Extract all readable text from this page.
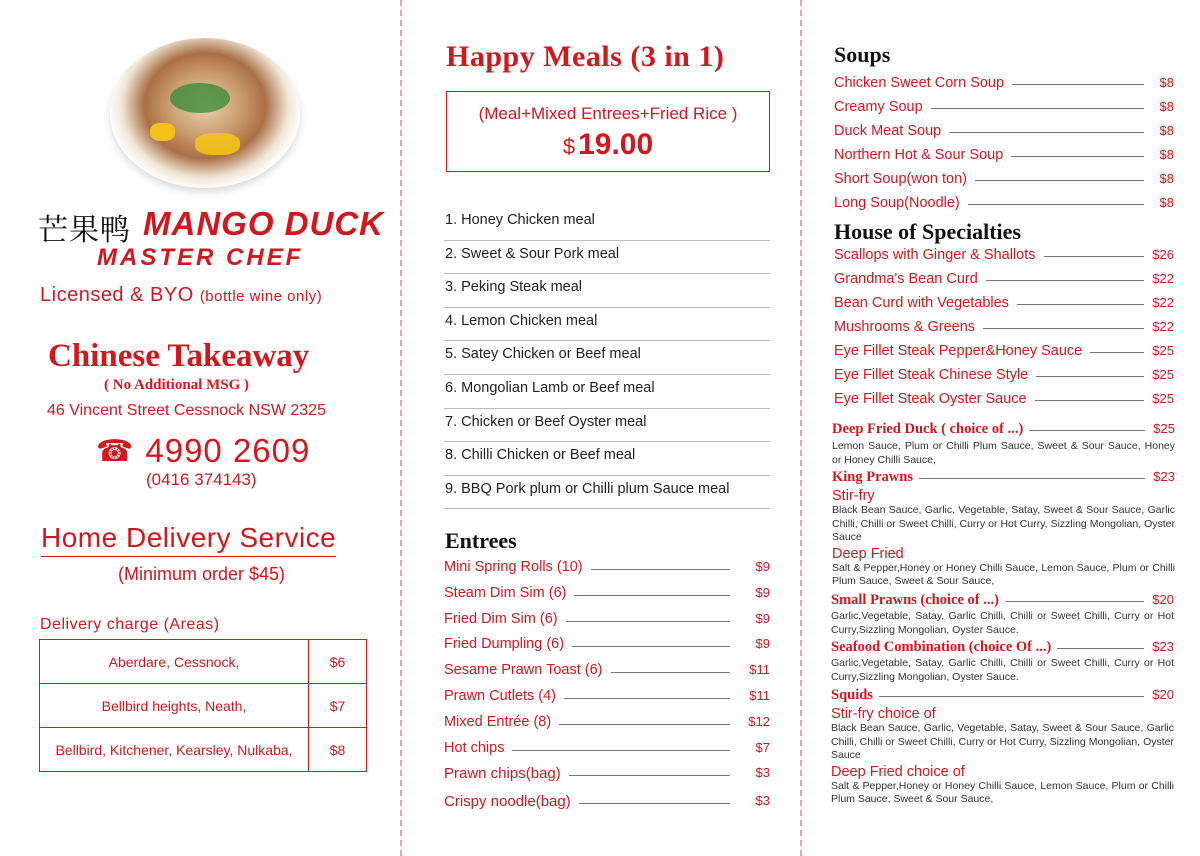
芒果鸭 MANGO DUCK
MASTER CHEF
Licensed & BYO (bottle wine only)
Chinese Takeaway
( No Additional MSG )
46 Vincent Street Cessnock NSW 2325
☎ 4990 2609
(0416 374143)
Home Delivery Service
(Minimum order $45)
Delivery charge (Areas)
Aberdare, Cessnock,	$6
Bellbird heights, Neath,	$7
Bellbird, Kitchener, Kearsley, Nulkaba,	$8
Happy Meals (3 in 1)
(Meal+Mixed Entrees+Fried Rice )
$ 19.00
1. Honey Chicken meal
2. Sweet & Sour Pork meal
3. Peking Steak meal
4. Lemon Chicken meal
5. Satey Chicken or Beef meal
6. Mongolian Lamb or Beef meal
7. Chicken or Beef Oyster meal
8. Chilli Chicken or Beef meal
9. BBQ Pork plum or Chilli plum Sauce meal
Entrees
Mini Spring Rolls (10)	$9
Steam Dim Sim (6)	$9
Fried Dim Sim (6)	$9
Fried Dumpling (6)	$9
Sesame Prawn Toast (6)	$11
Prawn Cutlets (4)	$11
Mixed Entrée (8)	$12
Hot chips	$7
Prawn chips(bag)	$3
Crispy noodle(bag)	$3
Soups
Chicken Sweet Corn Soup	$8
Creamy Soup	$8
Duck Meat Soup	$8
Northern Hot & Sour Soup	$8
Short Soup(won ton)	$8
Long Soup(Noodle)	$8
House of Specialties
Scallops with Ginger & Shallots	$26
Grandma's Bean Curd	$22
Bean Curd with Vegetables	$22
Mushrooms & Greens	$22
Eye Fillet Steak Pepper&Honey Sauce	$25
Eye Fillet Steak Chinese Style	$25
Eye Fillet Steak Oyster Sauce	$25
Deep Fried Duck ( choice of ...)	$25
Lemon Sauce, Plum or Chilli Plum Sauce, Sweet & Sour Sauce, Honey or Honey Chilli Sauce,
King Prawns	$23
Stir-fry
Black Bean Sauce, Garlic, Vegetable, Satay, Sweet & Sour Sauce, Garlic Chilli, Chilli or Sweet Chilli, Curry or Hot Curry, Sizzling Mongolian, Oyster Sauce
Deep Fried
Salt & Pepper,Honey or Honey Chilli Sauce, Lemon Sauce, Plum or Chilli Plum Sauce, Sweet & Sour Sauce,
Small Prawns (choice of ...)	$20
Garlic,Vegetable, Satay, Garlic Chilli, Chilli or Sweet Chilli, Curry or Hot Curry,Sizzling Mongolian, Oyster Sauce.
Seafood Combination (choice Of ...)	$23
Garlic,Vegetable, Satay, Garlic Chilli, Chilli or Sweet Chilli, Curry or Hot Curry,Sizzling Mongolian, Oyster Sauce.
Squids	$20
Stir-fry choice of
Black Bean Sauce, Garlic, Vegetable, Satay, Sweet & Sour Sauce, Garlic Chilli, Chilli or Sweet Chilli, Curry or Hot Curry, Sizzling Mongolian, Oyster Sauce
Deep Fried choice of
Salt & Pepper,Honey or Honey Chilli Sauce, Lemon Sauce, Plum or Chilli Plum Sauce, Sweet & Sour Sauce,
